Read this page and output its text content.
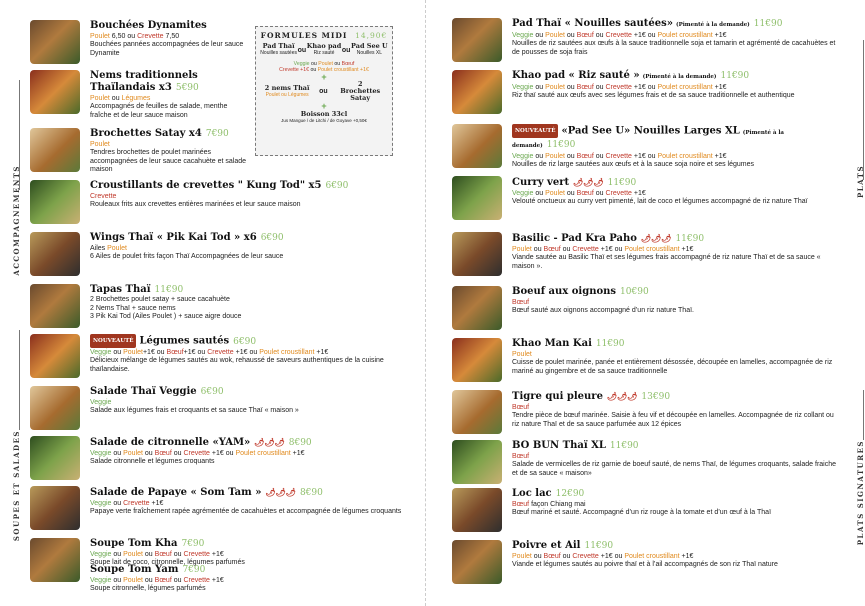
ACCOMPAGNEMENTS
SOUPES ET SALADES
PLATS
PLATS SIGNATURES
FORMULES MIDI 14,90€
Pad Thaï
Nouilles sautées ou Khao pad
Riz sauté	ou Pad See U
Nouilles XL
Veggie ou Poulet ou Bœuf
Crevette +1€ ou Poulet croustillant +1€
+
2 nems Thaï
Poulet ou Légumes ou
2 Brochettes Satay
+
Boisson 33cl
Jus Mangue / de Litchi / de Goyave +0,50€
Bouchées Dynamites
Poulet 6,50 ou Crevette 7,50
Bouchées pannées accompagnées de leur sauce Dynamite
Nems traditionnels Thaïlandais x3 5€90
Poulet ou Légumes
Accompagnés de feuilles de salade, menthe fraîche et de leur sauce maison
Brochettes Satay x4 7€90
Poulet
Tendres brochettes de poulet marinées accompagnées de leur sauce cacahuète et salade maison
Croustillants de crevettes " Kung Tod" x5 6€90
Crevette
Rouleaux frits aux crevettes entières marinées et leur sauce maison
Wings Thaï « Pik Kai Tod » x6 6€90
Ailes Poulet
6 Ailes de poulet frits façon Thaï Accompagnées de leur sauce
Tapas Thaï 11€90
2 Brochettes poulet satay + sauce cacahuète
2 Nems Thaï + sauce nems
3 Pik Kai Tod (Ailes Poulet ) + sauce aigre douce
NOUVEAUTÉ Légumes sautés 6€90
Veggie ou Poulet+1€ ou Bœuf+1€ ou Crevette +1€ ou Poulet croustillant +1€
Délicieux mélange de légumes sautés au wok, rehaussé de saveurs authentiques de la cuisine thaïlandaise.
Salade Thaï Veggie 6€90
Veggie
Salade aux légumes frais et croquants et sa sauce Thaï « maison »
Salade de citronnelle «YAM» 🌶🌶🌶 8€90
Veggie ou Poulet ou Bœuf ou Crevette +1€ ou Poulet croustillant +1€
Salade citronnelle et légumes croquants
Salade de Papaye « Som Tam » 🌶🌶🌶 8€90
Veggie ou Crevette +1€
Papaye verte fraîchement rapée agrémentée de cacahuètes et accompagnée de légumes croquants
Soupe Tom Kha 7€90
Veggie ou Poulet ou Bœuf ou Crevette +1€
Soupe lait de coco, citronnelle, légumes parfumés
Soupe Tom Yam 7€90
Veggie ou Poulet ou Bœuf ou Crevette +1€
Soupe citronnelle, légumes parfumés
Pad Thaï « Nouilles sautées» (Pimenté à la demande) 11€90
Veggie ou Poulet ou Bœuf ou Crevette +1€ ou Poulet croustillant +1€
Nouilles de riz sautées aux œufs à la sauce traditionnelle soja et tamarin et agrémenté de cacahuètes et de pousses de soja frais
Khao pad « Riz sauté » (Pimenté à la demande) 11€90
Veggie ou Poulet ou Bœuf ou Crevette +1€ ou Poulet croustillant +1€
Riz thaï sauté aux œufs avec ses légumes frais et de sa sauce traditionnelle et authentique
NOUVEAUTÉ «Pad See U» Nouilles Larges XL (Pimenté à la demande) 11€90
Veggie ou Poulet ou Bœuf ou Crevette +1€ ou Poulet croustillant +1€
Nouilles de riz large sautées aux œufs et à la sauce soja noire et ses légumes
Curry vert 🌶🌶🌶 11€90
Veggie ou Poulet ou Bœuf ou Crevette +1€
Velouté onctueux au curry vert pimenté, lait de coco et légumes accompagné de riz nature Thaï
Basilic - Pad Kra Paho 🌶🌶🌶 11€90
Poulet ou Bœuf ou Crevette +1€ ou Poulet croustillant +1€
Viande sautée au Basilic Thaï et ses légumes frais accompagné de riz nature Thaï et de sa sauce « maison ».
Boeuf aux oignons 10€90
Bœuf
Bœuf sauté aux oignons accompagné d’un riz nature Thaï.
Khao Man Kai 11€90
Poulet
Cuisse de poulet marinée, panée et entièrement désossée, découpée en lamelles, accompagnée de riz mariné au gingembre et de sa sauce traditionnelle
Tigre qui pleure 🌶🌶🌶 13€90
Bœuf
Tendre pièce de bœuf marinée. Saisie à feu vif et découpée en lamelles. Accompagnée de riz collant ou riz nature Thaï et de sa sauce parfumée aux 12 épices
BO BUN Thaï XL 11€90
Bœuf
Salade de vermicelles de riz garnie de boeuf sauté, de nems Thaï, de légumes croquants, salade fraiche et de sa sauce « maison»
Loc lac 12€90
Bœuf façon Chiang mai
Bœuf mariné et sauté. Accompagné d’un riz rouge à la tomate et d’un œuf à la Thaï
Poivre et Ail 11€90
Poulet ou Bœuf ou Crevette +1€ ou Poulet croustillant +1€
Viande et légumes sautés au poivre thaï et à l’ail accompagnés de son riz Thaï nature
